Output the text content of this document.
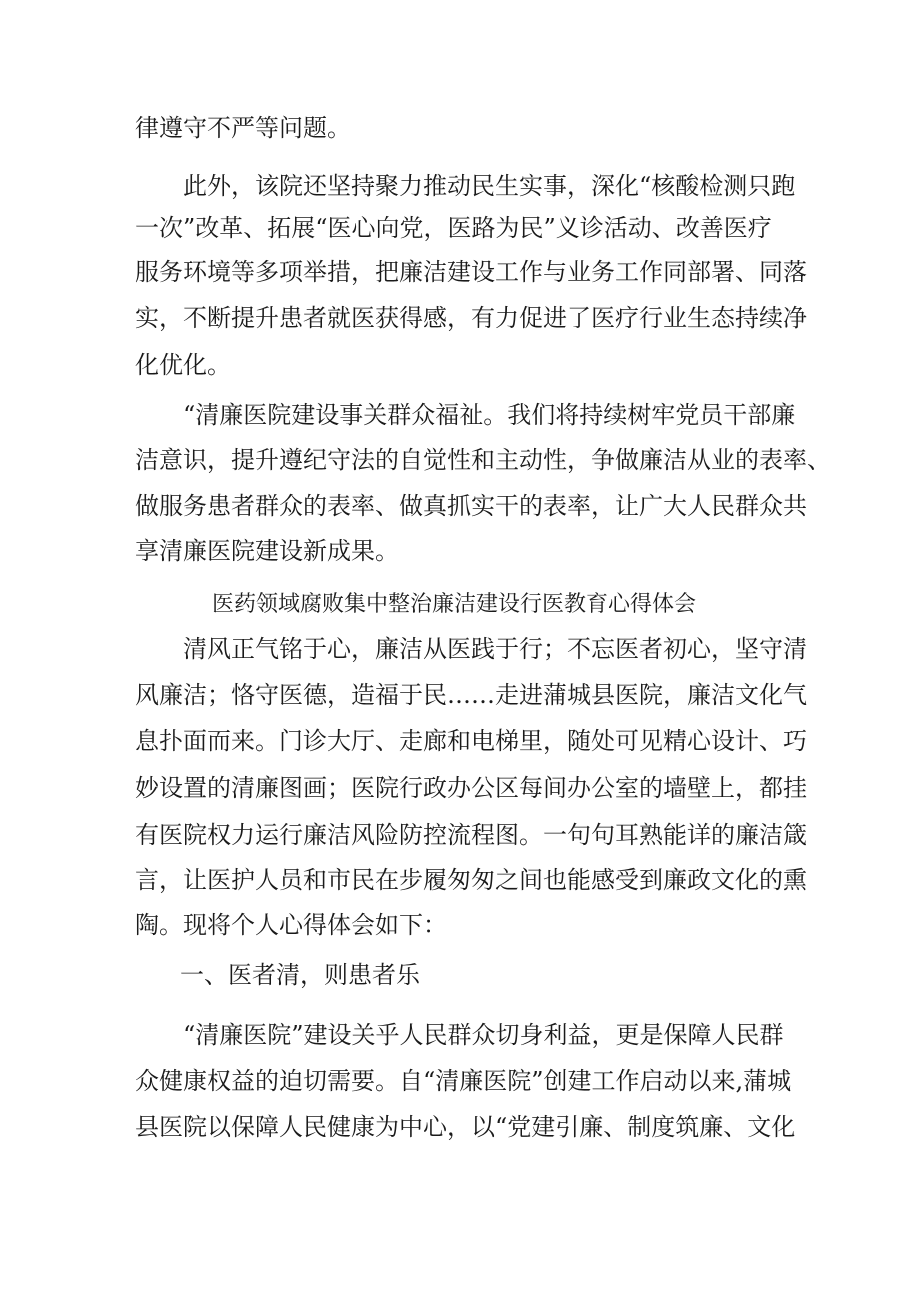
律遵守不严等问题。

此外，该院还坚持聚力推动民生实事，深化“核酸检测只跑

一次”改革、拓展“医心向党，医路为民”义诊活动、改善医疗

服务环境等多项举措，把廉洁建设工作与业务工作同部署、同落

实，不断提升患者就医获得感，有力促进了医疗行业生态持续净

化优化。

“清廉医院建设事关群众福祉。我们将持续树牢党员干部廉

洁意识，提升遵纪守法的自觉性和主动性，争做廉洁从业的表率、

做服务患者群众的表率、做真抓实干的表率，让广大人民群众共

享清廉医院建设新成果。

医药领域腐败集中整治廉洁建设行医教育心得体会

清风正气铭于心，廉洁从医践于行；不忘医者初心，坚守清

风廉洁；恪守医德，造福于民……走进蒲城县医院，廉洁文化气

息扑面而来。门诊大厅、走廊和电梯里，随处可见精心设计、巧

妙设置的清廉图画；医院行政办公区每间办公室的墙壁上，都挂

有医院权力运行廉洁风险防控流程图。一句句耳熟能详的廉洁箴

言，让医护人员和市民在步履匆匆之间也能感受到廉政文化的熏

陶。现将个人心得体会如下：

一、医者清，则患者乐

“清廉医院”建设关乎人民群众切身利益，更是保障人民群

众健康权益的迫切需要。自“清廉医院”创建工作启动以来,蒲城

县医院以保障人民健康为中心，以“党建引廉、制度筑廉、文化
